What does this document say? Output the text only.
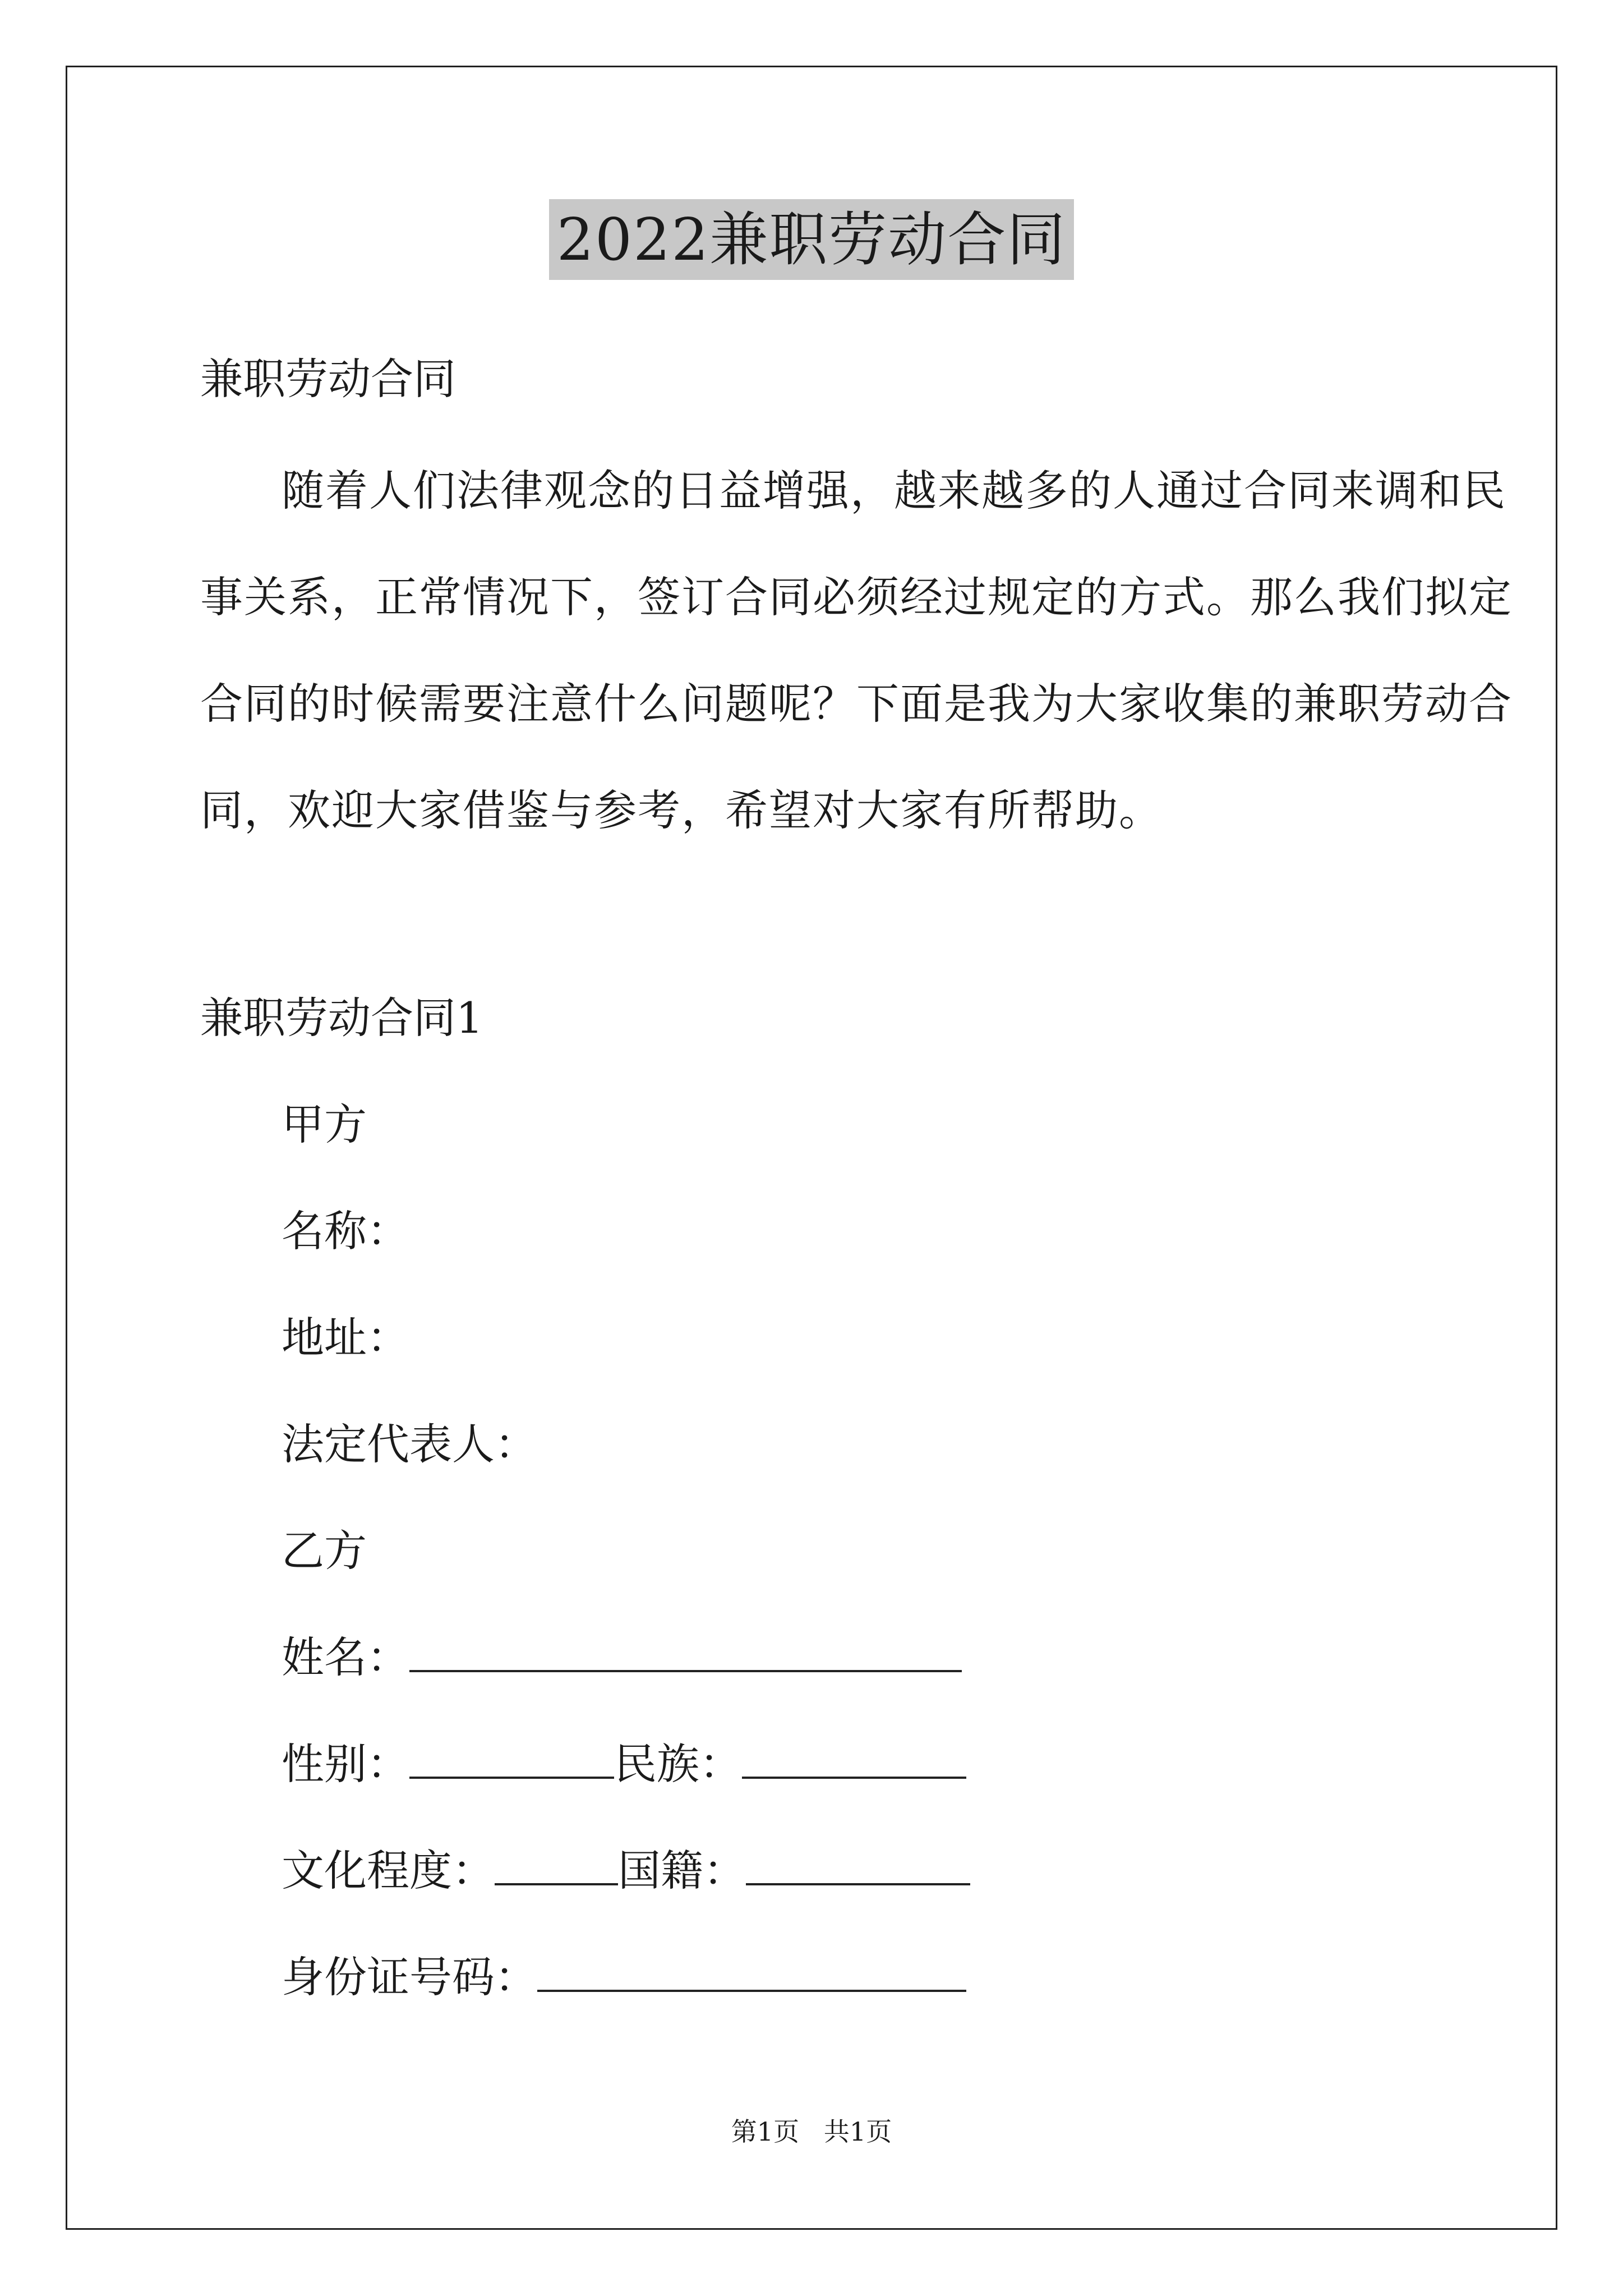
2022兼职劳动合同
兼职劳动合同
随着人们法律观念的日益增强，越来越多的人通过合同来调和民
事关系，正常情况下，签订合同必须经过规定的方式。那么我们拟定
合同的时候需要注意什么问题呢？下面是我为大家收集的兼职劳动合
同，欢迎大家借鉴与参考，希望对大家有所帮助。
兼职劳动合同1
甲方
名称：
地址：
法定代表人：
乙方
姓名：
性别：	民族：
文化程度：	国籍：
身份证号码：
第1页   共1页
